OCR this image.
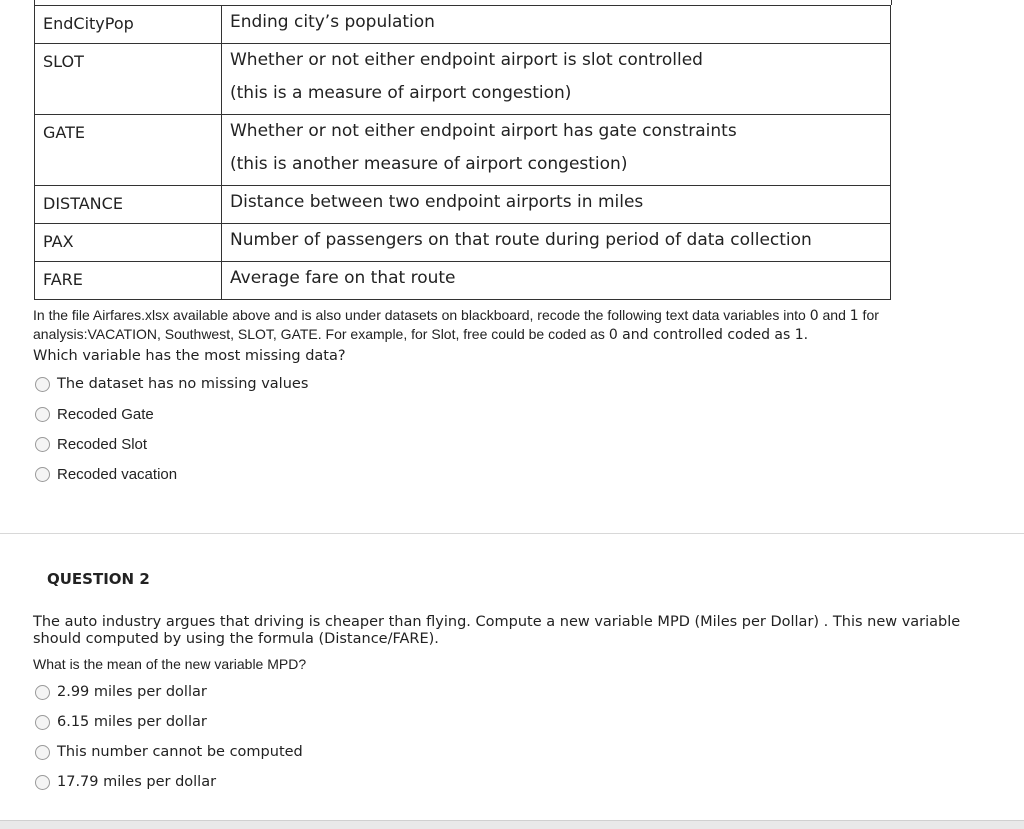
EndCityPop	Ending city’s population

SLOT	Whether or not either endpoint airport is slot controlled
(this is a measure of airport congestion)

GATE	Whether or not either endpoint airport has gate constraints
(this is another measure of airport congestion)

DISTANCE	Distance between two endpoint airports in miles

PAX	Number of passengers on that route during period of data collection

FARE	Average fare on that route
In the file Airfares.xlsx available above and is also under datasets on blackboard, recode the following text data variables into 0 and 1 for analysis:VACATION, Southwest, SLOT, GATE. For example, for Slot, free could be coded as 0 and controlled coded as 1.
Which variable has the most missing data?
The dataset has no missing values
Recoded Gate
Recoded Slot
Recoded vacation
QUESTION 2
The auto industry argues that driving is cheaper than flying. Compute a new variable MPD (Miles per Dollar) . This new variable should computed by using the formula (Distance/FARE).
What is the mean of the new variable MPD?
2.99 miles per dollar
6.15 miles per dollar
This number cannot be computed
17.79 miles per dollar
